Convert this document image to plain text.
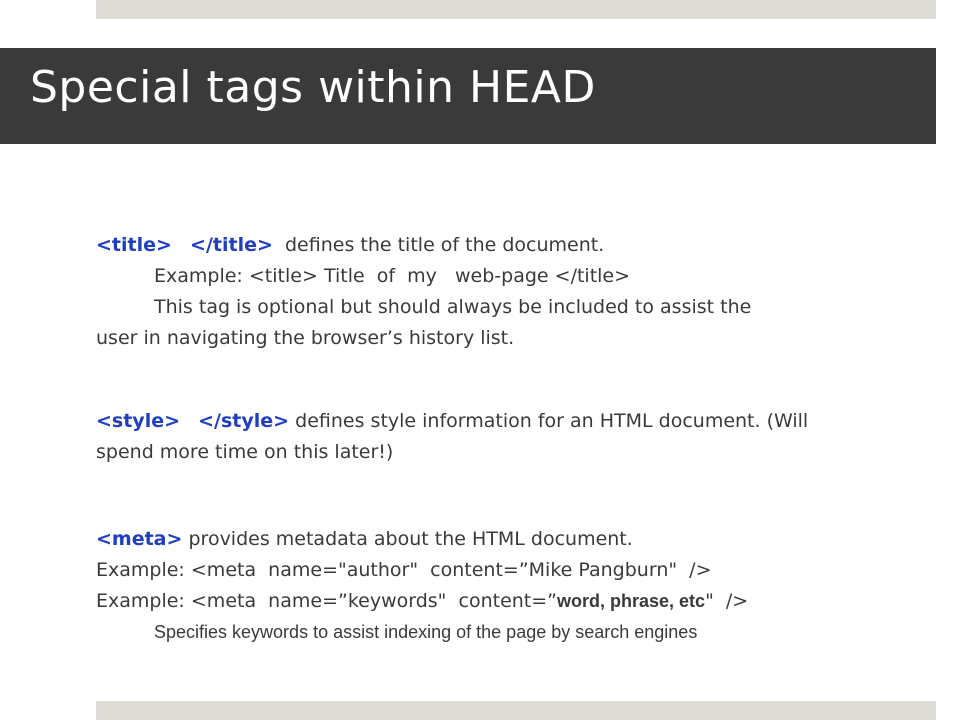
Special tags within HEAD
<title> </title> defines the title of the document.
Example: <title> Title  of  my   web-page </title>
This tag is optional but should always be included to assist the
user in navigating the browser’s history list.
<style> </style> defines style information for an HTML document. (Will
spend more time on this later!)
<meta> provides metadata about the HTML document.
Example: <meta  name="author"  content=”Mike Pangburn"  />
Example: <meta  name=”keywords"  content=”word, phrase, etc"  />
Specifies keywords to assist indexing of the page by search engines
